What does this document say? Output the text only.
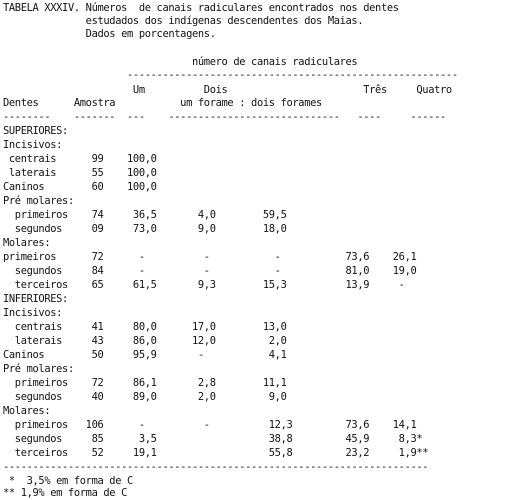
TABELA XXXIV. Números  de canais radiculares encontrados nos dentes
estudados dos indígenas descendentes dos Maias.
Dados em porcentagens.
número de canais radiculares
--------------------------------------------------------
Um          Dois                       Três     Quatro
Dentes      Amostra           um forame : dois forames
--------    -------  ---    -----------------------------   ----     ------
SUPERIORES:
Incisivos:
centrais      99    100,0
laterais      55    100,0
Caninos        60    100,0
Pré molares:
primeiros    74     36,5       4,0        59,5
segundos     09     73,0       9,0        18,0
Molares:
primeiros      72      -          -           -           73,6    26,1
segundos     84      -          -           -           81,0    19,0
terceiros    65     61,5       9,3        15,3          13,9     -
INFERIORES:
Incisivos:
centrais     41     80,0      17,0        13,0
laterais     43     86,0      12,0         2,0
Caninos        50     95,9       -           4,1
Pré molares:
primeiros    72     86,1       2,8        11,1
segundos     40     89,0       2,0         9,0
Molares:
primeiros   106      -          -          12,3         73,6    14,1
segundos     85      3,5                   38,8         45,9     8,3*
terceiros    52     19,1                   55,8         23,2     1,9**
------------------------------------------------------------------------
*  3,5% em forma de C
** 1,9% em forma de C
